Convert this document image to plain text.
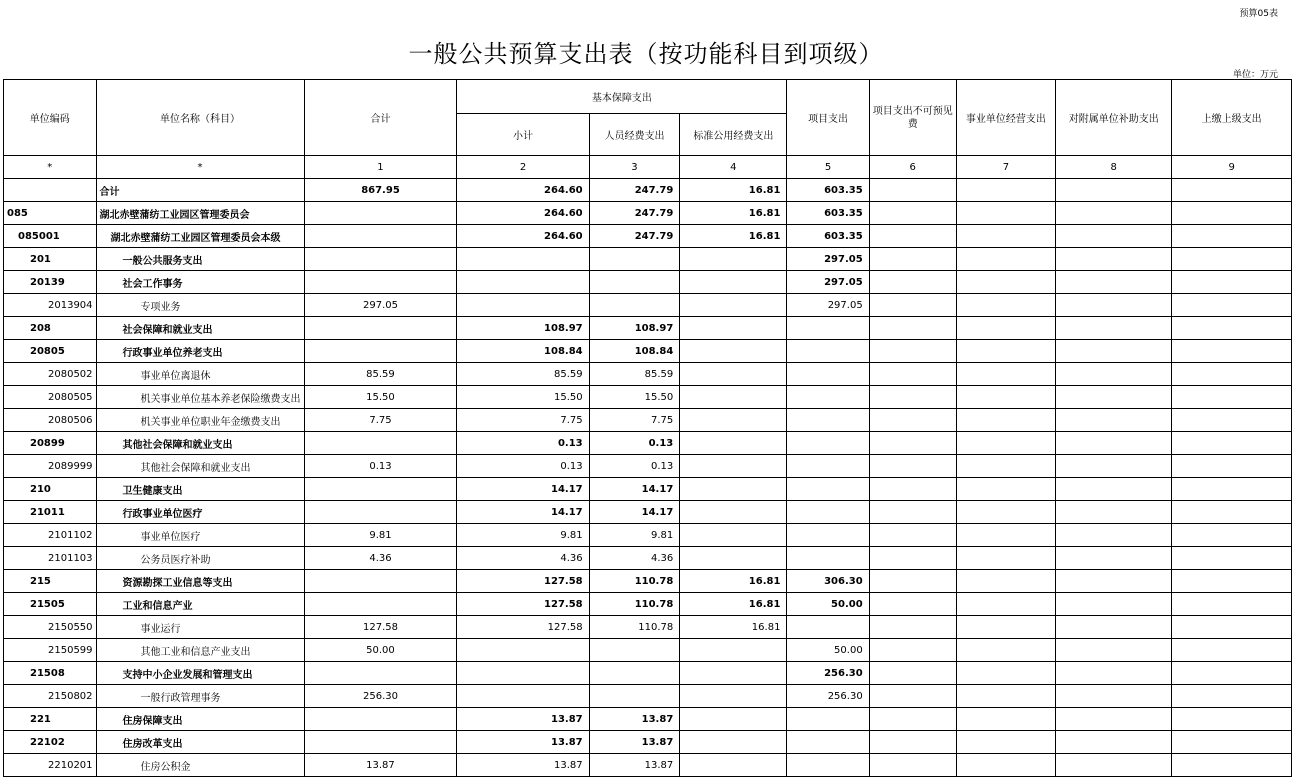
预算05表
一般公共预算支出表（按功能科目到项级）
单位：万元
单位编码	单位名称（科目）	合计	基本保障支出			项目支出	项目支出不可预见费	事业单位经营支出	对附属单位补助支出	上缴上级支出
			小计	人员经费支出	标准公用经费支出					
*	*	1	2	3	4	5	6	7	8	9
	合计	867.95	264.60	247.79	16.81	603.35				
085	湖北赤壁蒲纺工业园区管理委员会		264.60	247.79	16.81	603.35				
085001	湖北赤壁蒲纺工业园区管理委员会本级		264.60	247.79	16.81	603.35				
201	一般公共服务支出					297.05				
20139	社会工作事务					297.05				
2013904	专项业务	297.05				297.05				
208	社会保障和就业支出		108.97	108.97						
20805	行政事业单位养老支出		108.84	108.84						
2080502	事业单位离退休	85.59	85.59	85.59						
2080505	机关事业单位基本养老保险缴费支出	15.50	15.50	15.50						
2080506	机关事业单位职业年金缴费支出	7.75	7.75	7.75						
20899	其他社会保障和就业支出		0.13	0.13						
2089999	其他社会保障和就业支出	0.13	0.13	0.13						
210	卫生健康支出		14.17	14.17						
21011	行政事业单位医疗		14.17	14.17						
2101102	事业单位医疗	9.81	9.81	9.81						
2101103	公务员医疗补助	4.36	4.36	4.36						
215	资源勘探工业信息等支出		127.58	110.78	16.81	306.30				
21505	工业和信息产业		127.58	110.78	16.81	50.00				
2150550	事业运行	127.58	127.58	110.78	16.81					
2150599	其他工业和信息产业支出	50.00				50.00				
21508	支持中小企业发展和管理支出					256.30				
2150802	一般行政管理事务	256.30				256.30				
221	住房保障支出		13.87	13.87						
22102	住房改革支出		13.87	13.87						
2210201	住房公积金	13.87	13.87	13.87						
